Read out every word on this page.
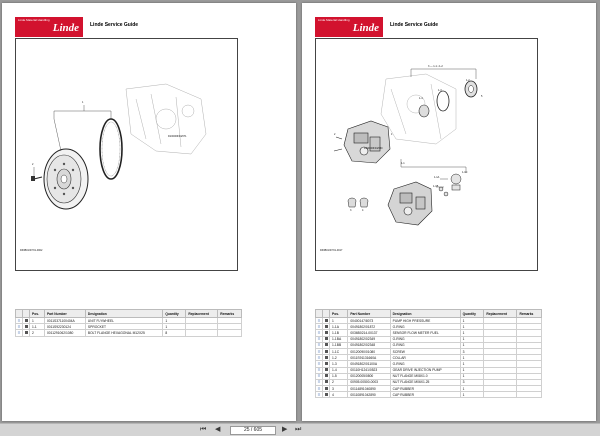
Linde Material Handling
Linde Linde Service Guide
1
2
D100006/04/071
D30B01/07/01-0002
		Pos.	Part Number	Designation	Quantity	Replacement	Remarks
☰		1	0011S371100404A	UNIT FLYWHEEL	1		
☰		1-1	0011S92230124	SPROCKET	1		
☰		2	0011291062/1080	BOLT FLANGE HEXAGONAL M12X25	8		
Linde Material Handling
Linde Linde Service Guide
3 — 1-1 • 1-2
1
1-1
1-1A
1-1B
1-1C
1-2
1-3
1-4
2
3	4
5
D100006/04/050
D30B01/07/01-0017
		Pos.	Part Number	Designation	Quantity	Replacement	Remarks
☰		1	00400147/8073	PUMP HIGH PRESSURE	1		
☰		1-1A	00491802/01872	O-RING	1		
☰		1-1B	0036B0214-00137	SENSOR FLOW METER FUEL	1		
☰		1-1BA	00491802/02349	O-RING	1		
☰		1-1BB	00491802/02348	O-RING	1		
☰		1-1C	00120090/01080	SCREW	3		
☰		1-2	0011S91131660A	COLLAR	1		
☰		1-3	00491802/01100A	O-RING	1		
☰		1-4	00110H1241/0523	GEAR DRIVE INJECTION PUMP	1		
☰		1-5	00120005/0800	NUT FLANGE M08X1.0	1		
☰		2	00905.00500-0003	NUT FLANGE M06X1.25	3		
☰		3	00114891040890	CAP RUBBER	1		
☰		4	00110891042890	CAP RUBBER	1		
⏮ ◀	25 / 605	▶ ⏭
